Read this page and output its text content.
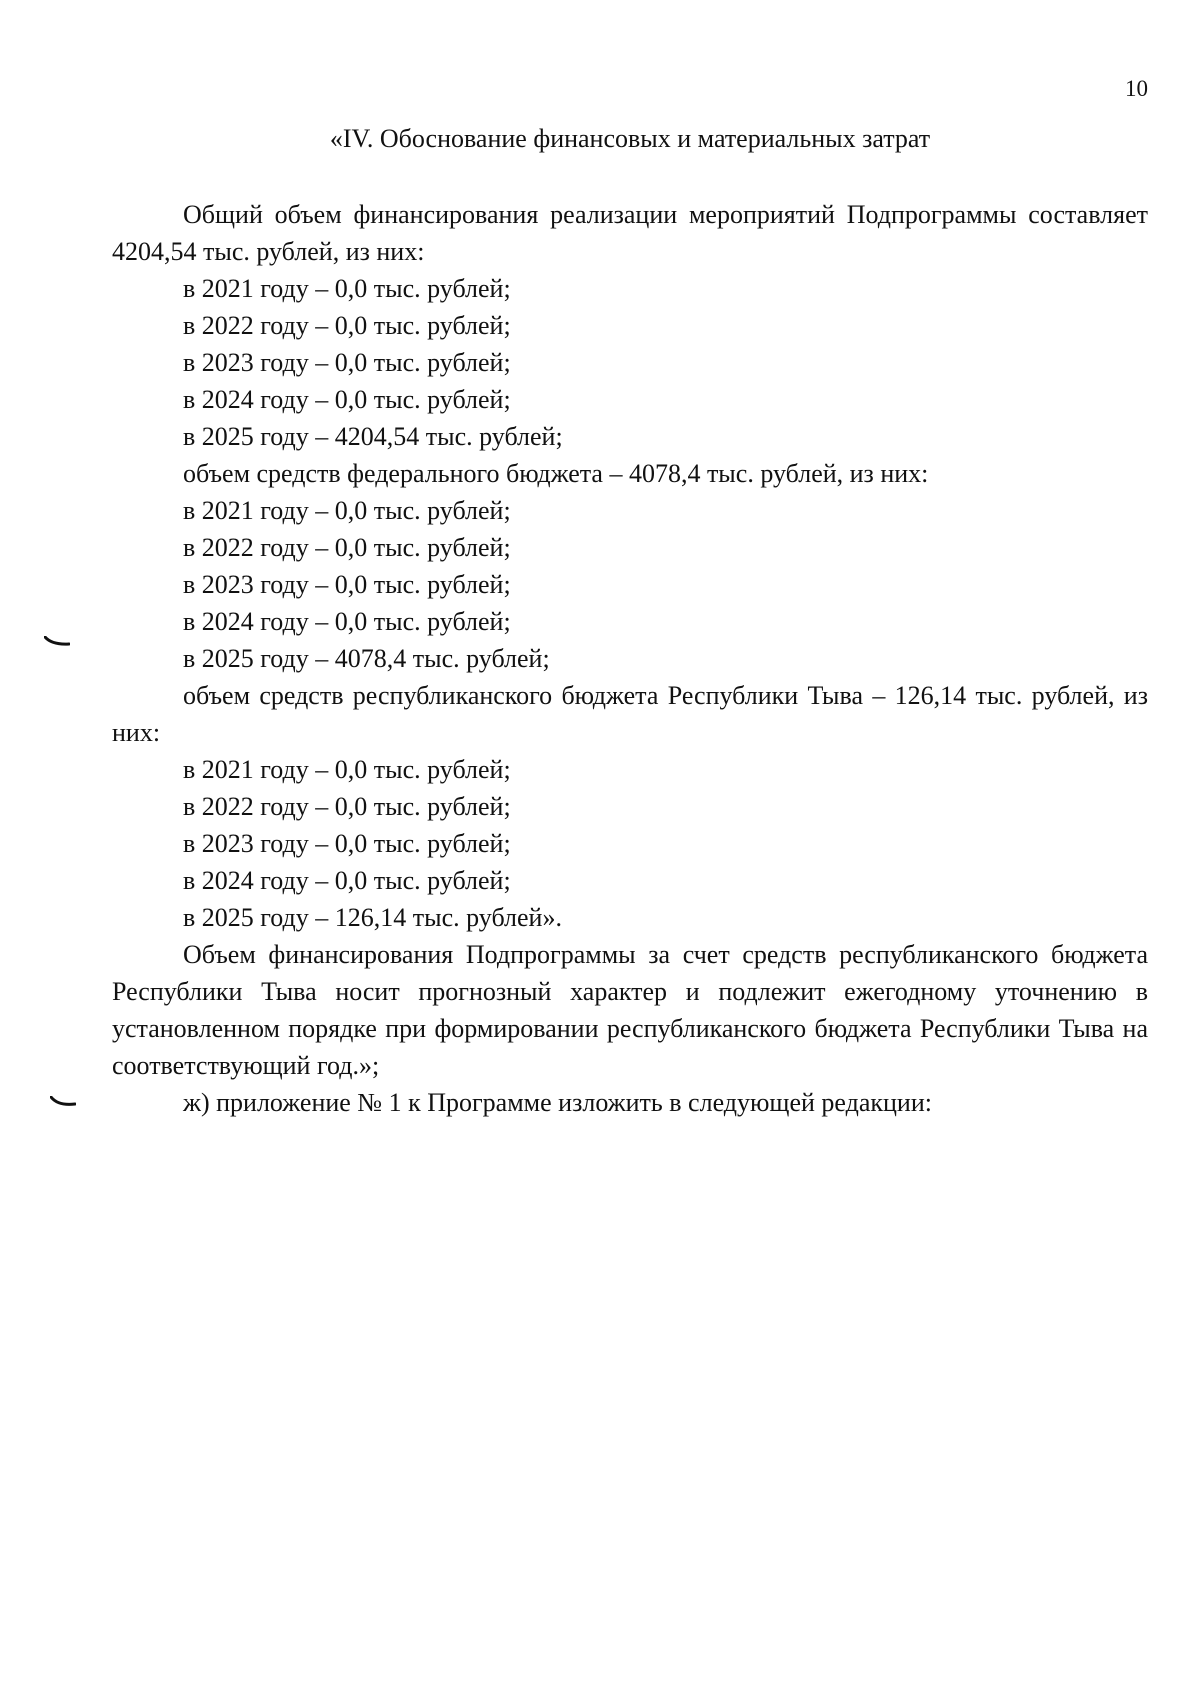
10
«IV. Обоснование финансовых и материальных затрат

Общий объем финансирования реализации мероприятий Подпрограммы составляет 4204,54 тыс. рублей, из них:

в 2021 году – 0,0 тыс. рублей;

в 2022 году – 0,0 тыс. рублей;

в 2023 году – 0,0 тыс. рублей;

в 2024 году – 0,0 тыс. рублей;

в 2025 году – 4204,54 тыс. рублей;

объем средств федерального бюджета – 4078,4 тыс. рублей, из них:

в 2021 году – 0,0 тыс. рублей;

в 2022 году – 0,0 тыс. рублей;

в 2023 году – 0,0 тыс. рублей;

в 2024 году – 0,0 тыс. рублей;

в 2025 году – 4078,4 тыс. рублей;

объем средств республиканского бюджета Республики Тыва – 126,14 тыс. рублей, из них:

в 2021 году – 0,0 тыс. рублей;

в 2022 году – 0,0 тыс. рублей;

в 2023 году – 0,0 тыс. рублей;

в 2024 году – 0,0 тыс. рублей;

в 2025 году – 126,14 тыс. рублей».

Объем финансирования Подпрограммы за счет средств республиканского бюджета Республики Тыва носит прогнозный характер и подлежит ежегодному уточнению в установленном порядке при формировании республиканского бюджета Республики Тыва на соответствующий год.»;

ж) приложение № 1 к Программе изложить в следующей редакции:
